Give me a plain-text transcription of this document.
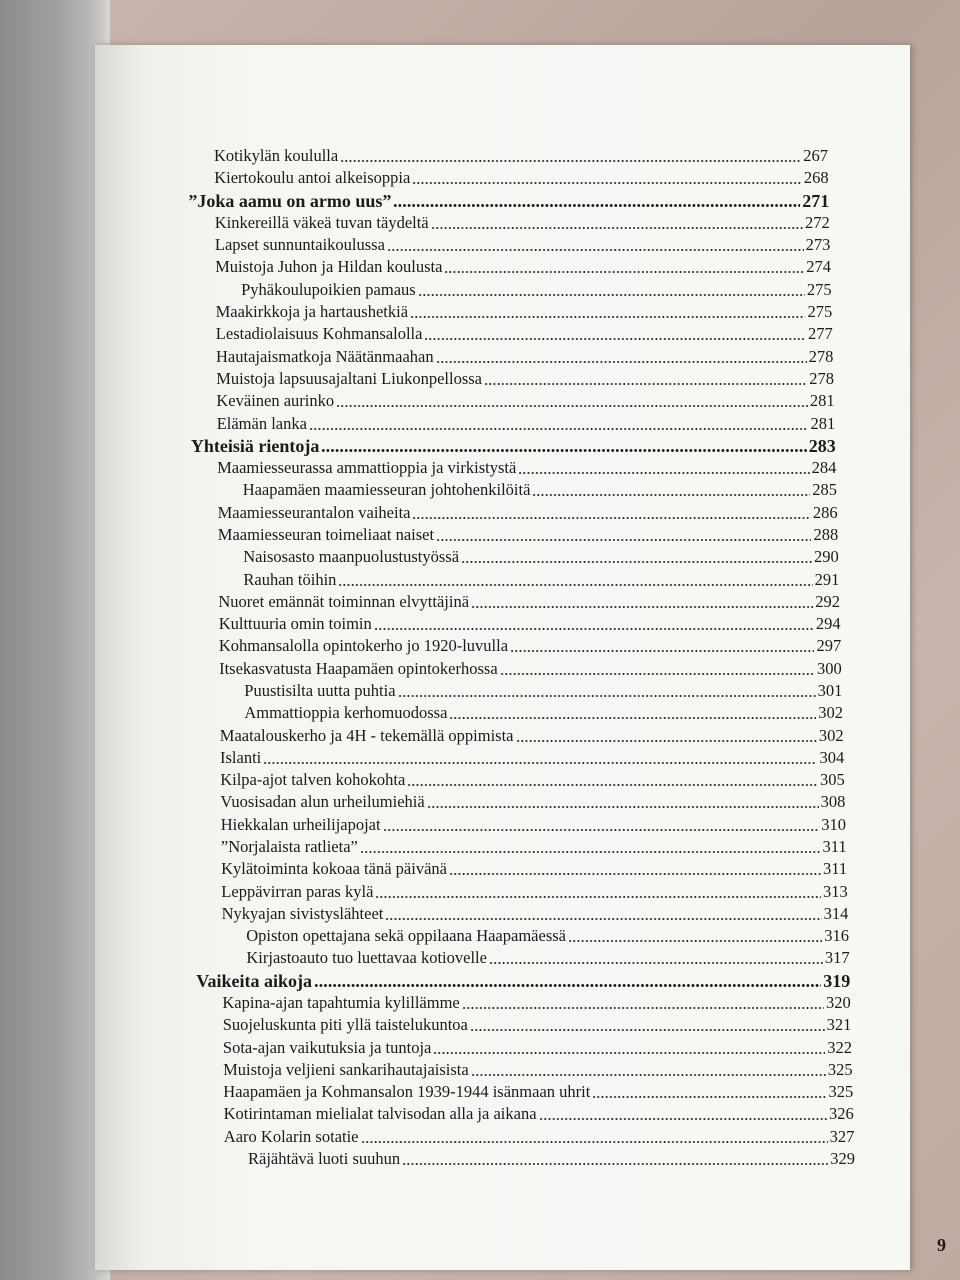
Kotikylän koululla	267
Kiertokoulu antoi alkeisoppia	268
”Joka aamu on armo uus”	271
Kinkereillä väkeä tuvan täydeltä	272
Lapset sunnuntaikoulussa	273
Muistoja Juhon ja Hildan koulusta	274
Pyhäkoulupoikien pamaus	275
Maakirkkoja ja hartaushetkiä	275
Lestadiolaisuus Kohmansalolla	277
Hautajaismatkoja Näätänmaahan	278
Muistoja lapsuusajaltani Liukonpellossa	278
Keväinen aurinko	281
Elämän lanka	281
Yhteisiä rientoja	283
Maamiesseurassa ammattioppia ja virkistystä	284
Haapamäen maamiesseuran johtohenkilöitä	285
Maamiesseurantalon vaiheita	286
Maamiesseuran toimeliaat naiset	288
Naisosasto maanpuolustustyössä	290
Rauhan töihin	291
Nuoret emännät toiminnan elvyttäjinä	292
Kulttuuria omin toimin	294
Kohmansalolla opintokerho jo 1920-luvulla	297
Itsekasvatusta Haapamäen opintokerhossa	300
Puustisilta uutta puhtia	301
Ammattioppia kerhomuodossa	302
Maatalouskerho ja 4H - tekemällä oppimista	302
Islanti	304
Kilpa-ajot talven kohokohta	305
Vuosisadan alun urheilumiehiä	308
Hiekkalan urheilijapojat	310
”Norjalaista ratlieta”	311
Kylätoiminta kokoaa tänä päivänä	311
Leppävirran paras kylä	313
Nykyajan sivistyslähteet	314
Opiston opettajana sekä oppilaana Haapamäessä	316
Kirjastoauto tuo luettavaa kotiovelle	317
Vaikeita aikoja	319
Kapina-ajan tapahtumia kylillämme	320
Suojeluskunta piti yllä taistelukuntoa	321
Sota-ajan vaikutuksia ja tuntoja	322
Muistoja veljieni sankarihautajaisista	325
Haapamäen ja Kohmansalon 1939-1944 isänmaan uhrit	325
Kotirintaman mielialat talvisodan alla ja aikana	326
Aaro Kolarin sotatie	327
Räjähtävä luoti suuhun	329
9
